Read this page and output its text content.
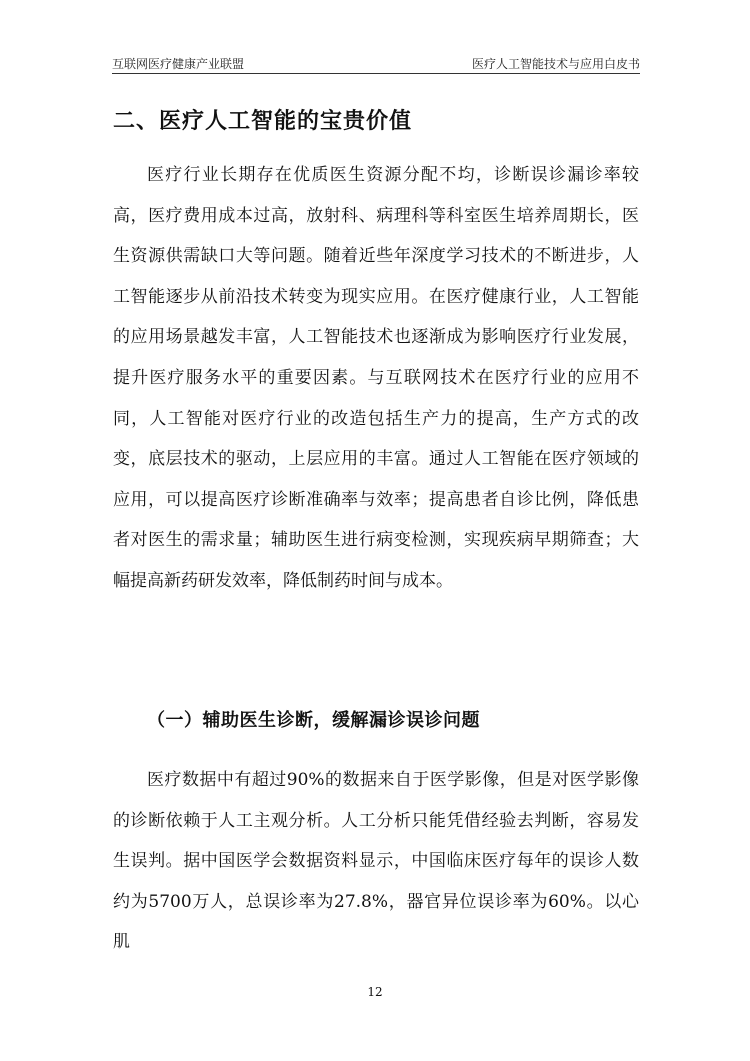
互联网医疗健康产业联盟	医疗人工智能技术与应用白皮书
二、医疗人工智能的宝贵价值

医疗行业长期存在优质医生资源分配不均，诊断误诊漏诊率较高，医疗费用成本过高，放射科、病理科等科室医生培养周期长，医生资源供需缺口大等问题。随着近些年深度学习技术的不断进步，人工智能逐步从前沿技术转变为现实应用。在医疗健康行业，人工智能的应用场景越发丰富，人工智能技术也逐渐成为影响医疗行业发展，提升医疗服务水平的重要因素。与互联网技术在医疗行业的应用不同，人工智能对医疗行业的改造包括生产力的提高，生产方式的改变，底层技术的驱动，上层应用的丰富。通过人工智能在医疗领域的应用，可以提高医疗诊断准确率与效率；提高患者自诊比例，降低患者对医生的需求量；辅助医生进行病变检测，实现疾病早期筛查；大幅提高新药研发效率，降低制药时间与成本。

（一）辅助医生诊断，缓解漏诊误诊问题

医疗数据中有超过90%的数据来自于医学影像，但是对医学影像的诊断依赖于人工主观分析。人工分析只能凭借经验去判断，容易发生误判。据中国医学会数据资料显示，中国临床医疗每年的误诊人数约为5700万人，总误诊率为27.8%，器官异位误诊率为60%。以心肌

12
